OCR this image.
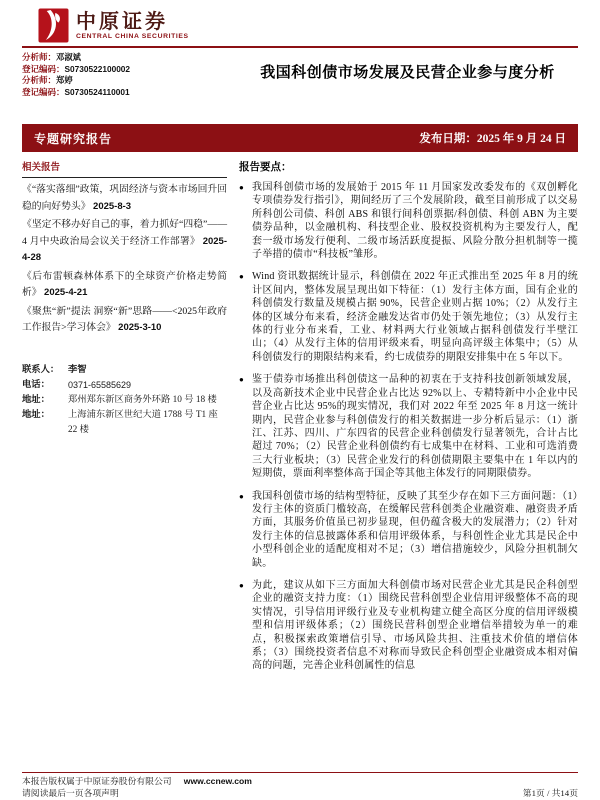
中原证券
CENTRAL CHINA SECURITIES
分析师：邓淑斌
登记编码：S0730522100002
分析师：郑婷
登记编码：S0730524110001
我国科创债市场发展及民营企业参与度分析
专题研究报告	发布日期：2025 年 9 月 24 日
相关报告
《“落实落细”政策，巩固经济与资本市场回升回稳的向好势头》 2025-8-3
《坚定不移办好自己的事，着力抓好“四稳”——4 月中央政治局会议关于经济工作部署》 2025-4-28
《后布雷顿森林体系下的全球资产价格走势简析》 2025-4-21
《聚焦“新”提法 洞察“新”思路——<2025年政府工作报告>学习体会》 2025-3-10
联系人： 李智
电话：	0371-65585629
地址：	郑州郑东新区商务外环路 10 号 18 楼
地址：	上海浦东新区世纪大道 1788 号 T1 座 22 楼
报告要点：
● 我国科创债市场的发展始于 2015 年 11 月国家发改委发布的《双创孵化专项债券发行指引》，期间经历了三个发展阶段，截至目前形成了以交易所科创公司债、科创 ABS 和银行间科创票据/科创债、科创 ABN 为主要债券品种，以金融机构、科技型企业、股权投资机构为主要发行人，配套一级市场发行便利、二级市场活跃度提振、风险分散分担机制等一揽子举措的债市“科技板”雏形。
● Wind 资讯数据统计显示，科创债在 2022 年正式推出至 2025 年 8 月的统计区间内，整体发展呈现出如下特征：（1）发行主体方面，国有企业的科创债发行数量及规模占据 90%，民营企业则占据 10%；（2）从发行主体的区域分布来看，经济金融发达省市仍处于领先地位；（3）从发行主体的行业分布来看，工业、材料两大行业领域占据科创债发行半壁江山；（4）从发行主体的信用评级来看，明显向高评级主体集中；（5）从科创债发行的期限结构来看，约七成债券的期限安排集中在 5 年以下。
● 鉴于债券市场推出科创债这一品种的初衷在于支持科技创新领域发展，以及高新技术企业中民营企业占比达 92%以上、专精特新中小企业中民营企业占比达 95%的现实情况，我们对 2022 年至 2025 年 8 月这一统计期内，民营企业参与科创债发行的相关数据进一步分析后显示：（1）浙江、江苏、四川、广东四省的民营企业科创债发行显著领先，合计占比超过 70%；（2）民营企业科创债约有七成集中在材料、工业和可选消费三大行业板块；（3）民营企业发行的科创债期限主要集中在 1 年以内的短期债，票面利率整体高于国企等其他主体发行的同期限债券。
● 我国科创债市场的结构型特征，反映了其至少存在如下三方面问题：（1）发行主体的资质门槛较高，在缓解民营科创类企业融资难、融资贵矛盾方面，其服务价值虽已初步显现，但仍蕴含极大的发展潜力；（2）针对发行主体的信息披露体系和信用评级体系，与科创性企业尤其是民企中小型科创企业的适配度相对不足；（3）增信措施较少，风险分担机制欠缺。
● 为此，建议从如下三方面加大科创债市场对民营企业尤其是民企科创型企业的融资支持力度：（1）围绕民营科创型企业信用评级整体不高的现实情况，引导信用评级行业及专业机构建立健全高区分度的信用评级模型和信用评级体系；（2）围绕民营科创型企业增信举措较为单一的难点，积极探索政策增信引导、市场风险共担、注重技术价值的增信体系；（3）围绕投资者信息不对称而导致民企科创型企业融资成本相对偏高的问题，完善企业科创属性的信息
本报告版权属于中原证券股份有限公司 www.ccnew.com
请阅读最后一页各项声明	第1页 / 共14页
